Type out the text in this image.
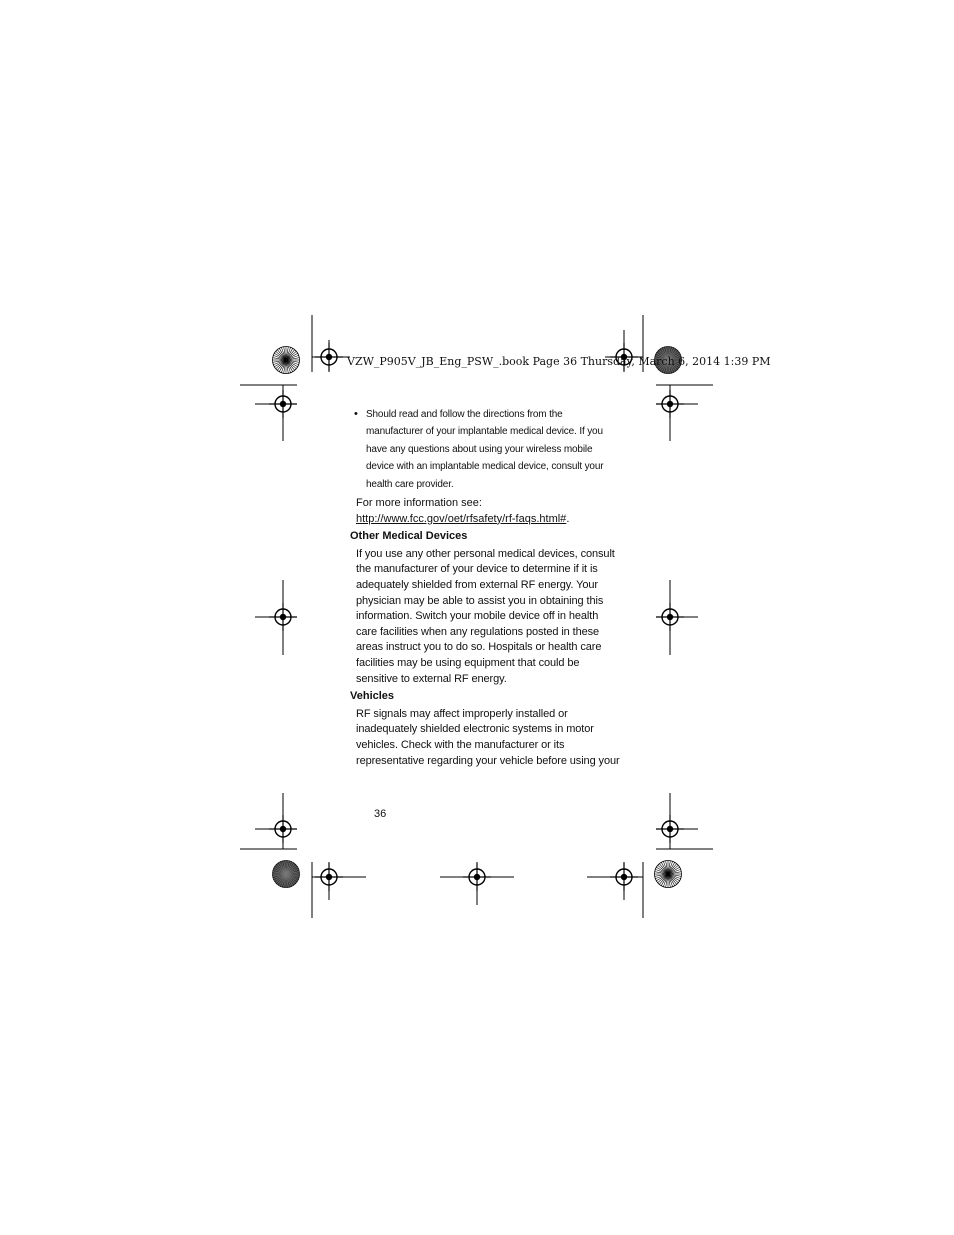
VZW_P905V_JB_Eng_PSW_.book Page 36 Thursday, March 6, 2014 1:39 PM
• Should read and follow the directions from the manufacturer of your implantable medical device. If you have any questions about using your wireless mobile device with an implantable medical device, consult your health care provider.
For more information see: http://www.fcc.gov/oet/rfsafety/rf-faqs.html#.
Other Medical Devices
If you use any other personal medical devices, consult the manufacturer of your device to determine if it is adequately shielded from external RF energy. Your physician may be able to assist you in obtaining this information. Switch your mobile device off in health care facilities when any regulations posted in these areas instruct you to do so. Hospitals or health care facilities may be using equipment that could be sensitive to external RF energy.
Vehicles
RF signals may affect improperly installed or inadequately shielded electronic systems in motor vehicles. Check with the manufacturer or its representative regarding your vehicle before using your
36
